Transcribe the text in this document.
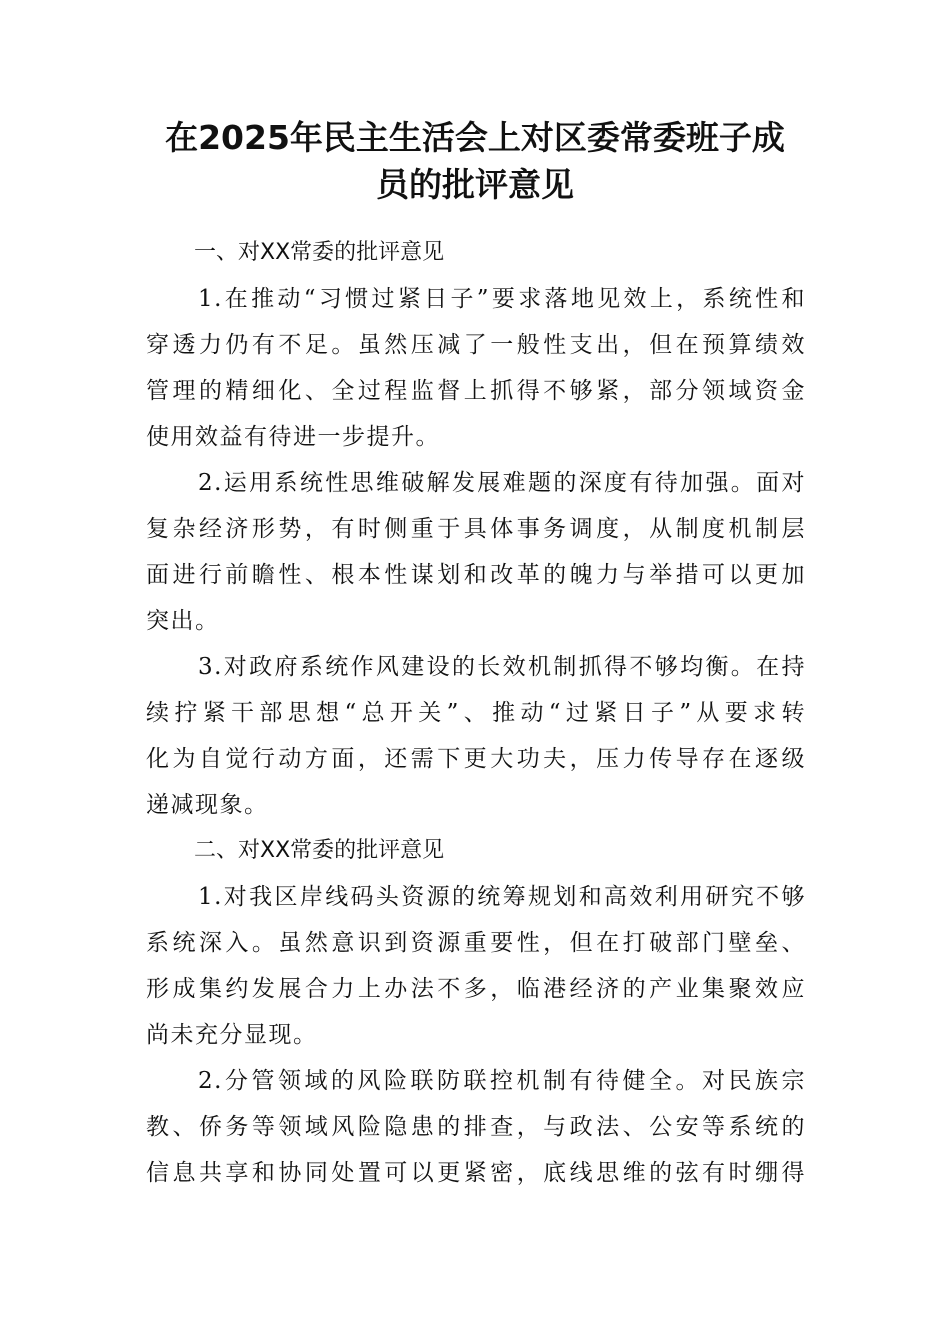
在2025年民主生活会上对区委常委班子成
员的批评意见
一、对XX常委的批评意见
1.在推动“习惯过紧日子”要求落地见效上，系统性和
穿透力仍有不足。虽然压减了一般性支出，但在预算绩效
管理的精细化、全过程监督上抓得不够紧，部分领域资金
使用效益有待进一步提升。
2.运用系统性思维破解发展难题的深度有待加强。面对
复杂经济形势，有时侧重于具体事务调度，从制度机制层
面进行前瞻性、根本性谋划和改革的魄力与举措可以更加
突出。
3.对政府系统作风建设的长效机制抓得不够均衡。在持
续拧紧干部思想“总开关”、推动“过紧日子”从要求转
化为自觉行动方面，还需下更大功夫，压力传导存在逐级
递减现象。
二、对XX常委的批评意见
1.对我区岸线码头资源的统筹规划和高效利用研究不够
系统深入。虽然意识到资源重要性，但在打破部门壁垒、
形成集约发展合力上办法不多，临港经济的产业集聚效应
尚未充分显现。
2.分管领域的风险联防联控机制有待健全。对民族宗
教、侨务等领域风险隐患的排查，与政法、公安等系统的
信息共享和协同处置可以更紧密，底线思维的弦有时绷得
